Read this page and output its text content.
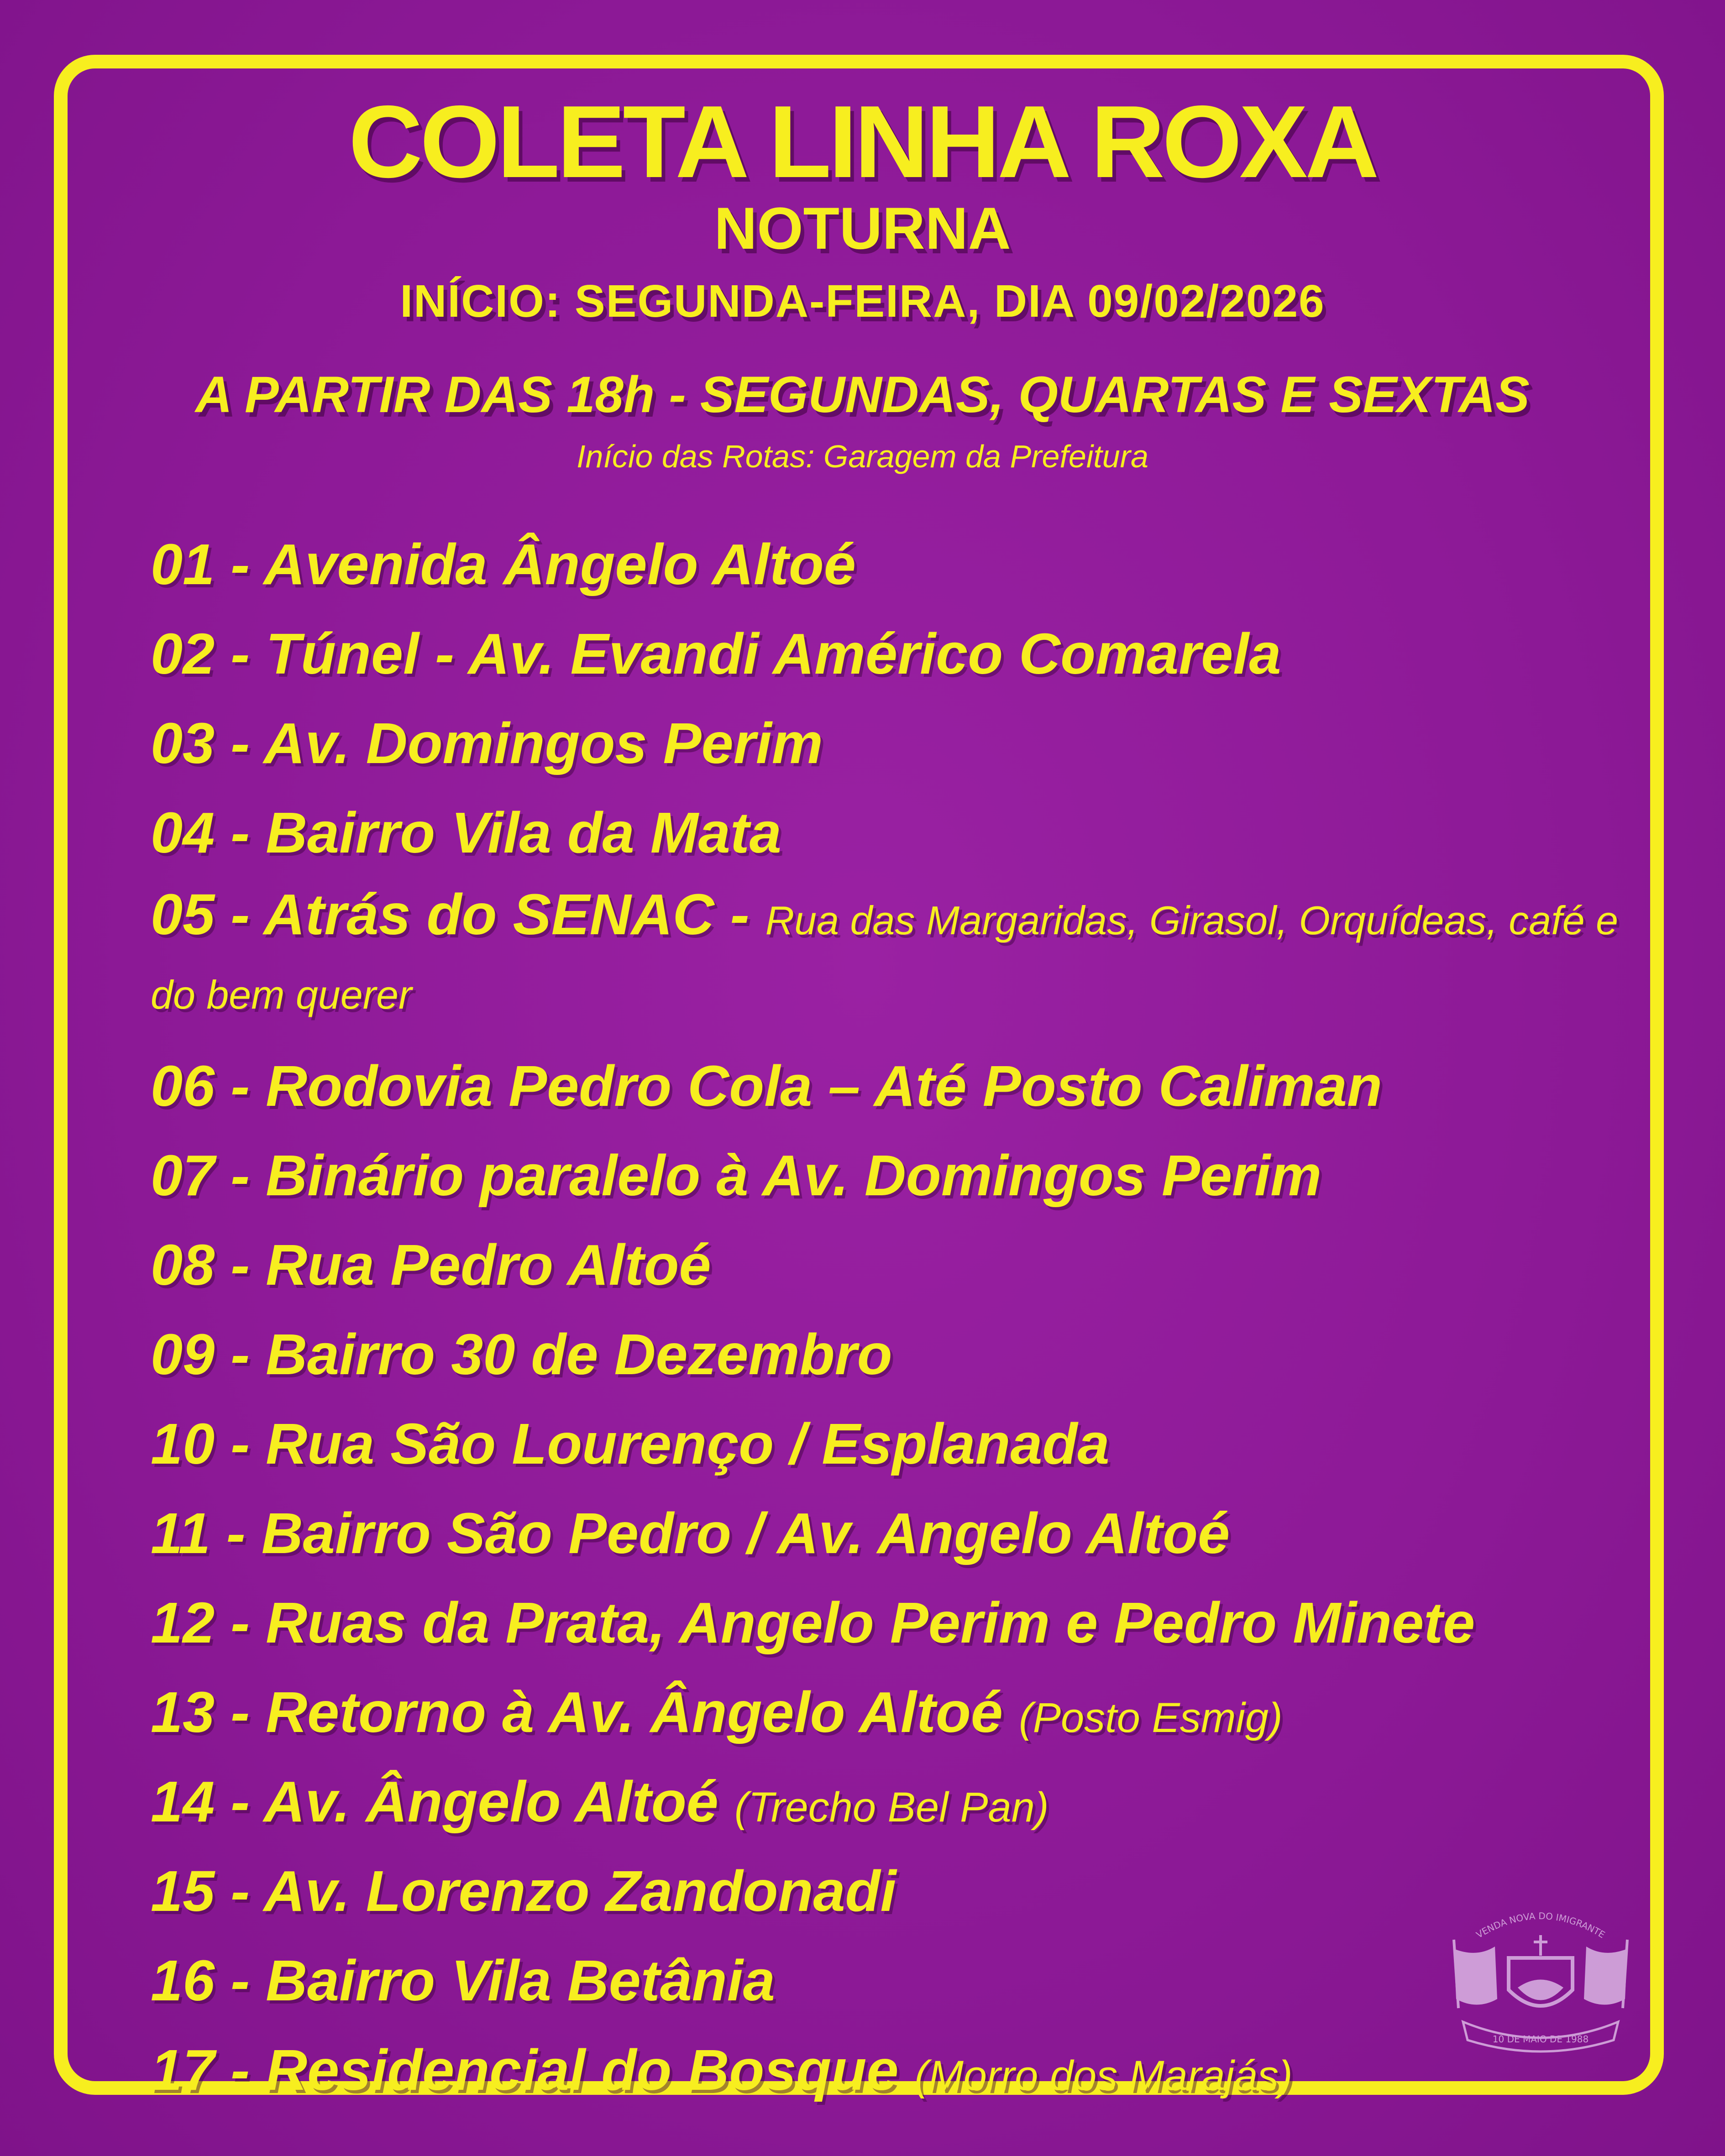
COLETA LINHA ROXA
NOTURNA
INÍCIO: SEGUNDA-FEIRA, DIA 09/02/2026
A PARTIR DAS 18h - SEGUNDAS, QUARTAS E SEXTAS
Início das Rotas: Garagem da Prefeitura
01 - Avenida Ângelo Altoé
02 - Túnel - Av. Evandi Américo Comarela
03 - Av. Domingos Perim
04 - Bairro Vila da Mata
05 - Atrás do SENAC - Rua das Margaridas, Girasol, Orquídeas, café e do bem querer
06 - Rodovia Pedro Cola – Até Posto Caliman
07 - Binário paralelo à Av. Domingos Perim
08 - Rua Pedro Altoé
09 - Bairro 30 de Dezembro
10 - Rua São Lourenço / Esplanada
11 - Bairro São Pedro / Av. Angelo Altoé
12 - Ruas da Prata, Angelo Perim e Pedro Minete
13 - Retorno à Av. Ângelo Altoé (Posto Esmig)
14 - Av. Ângelo Altoé (Trecho Bel Pan)
15 - Av. Lorenzo Zandonadi
16 - Bairro Vila Betânia
17 - Residencial do Bosque (Morro dos Marajás)
VENDA NOVA DO IMIGRANTE
10 DE MAIO DE 1988
